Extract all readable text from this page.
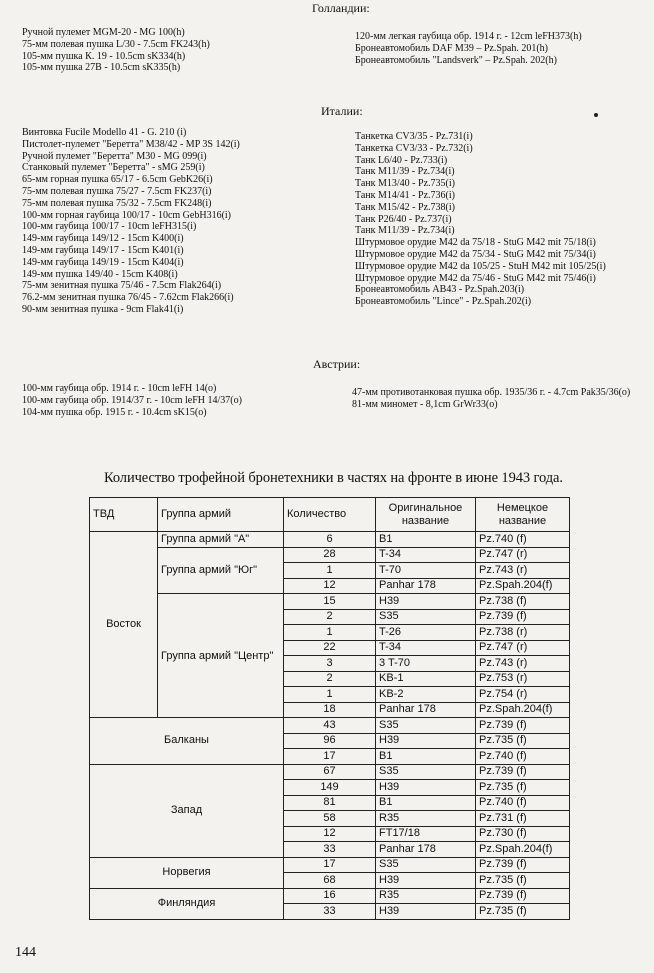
Голландии:
Италии:
Австрии:
Ручной пулемет MGM-20 - MG 100(h)
75-мм полевая пушка L/30 - 7.5cm FK243(h)
105-мм пушка К. 19 - 10.5cm sK334(h)
105-мм пушка 27В - 10.5cm sK335(h)
120-мм легкая гаубица обр. 1914 г. - 12cm leFH373(h)
Бронеавтомобиль DAF M39 – Pz.Spah. 201(h)
Бронеавтомобиль "Landsverk" – Pz.Spah. 202(h)
Винтовка Fucile Modello 41 - G. 210 (i)
Пистолет-пулемет "Беретта" M38/42 - MP 3S 142(i)
Ручной пулемет "Беретта" M30 - MG 099(i)
Станковый пулемет "Беретта" - sMG 259(i)
65-мм горная пушка 65/17 - 6.5cm GebK26(i)
75-мм полевая пушка 75/27 - 7.5cm FK237(i)
75-мм полевая пушка 75/32 - 7.5cm FK248(i)
100-мм горная гаубица 100/17 - 10cm GebH316(i)
100-мм гаубица 100/17 - 10cm leFH315(i)
149-мм гаубица 149/12 - 15cm K400(i)
149-мм гаубица 149/17 - 15cm K401(i)
149-мм гаубица 149/19 - 15cm K404(i)
149-мм пушка 149/40 - 15cm K408(i)
75-мм зенитная пушка 75/46 - 7.5cm Flak264(i)
76.2-мм зенитная пушка 76/45 - 7.62cm Flak266(i)
90-мм зенитная пушка - 9cm Flak41(i)
Танкетка CV3/35 - Pz.731(i)
Танкетка CV3/33 - Pz.732(i)
Танк L6/40 - Pz.733(i)
Танк M11/39 - Pz.734(i)
Танк M13/40 - Pz.735(i)
Танк M14/41 - Pz.736(i)
Танк M15/42 - Pz.738(i)
Танк P26/40 - Pz.737(i)
Танк M11/39 - Pz.734(i)
Штурмовое орудие M42 da 75/18 - StuG M42 mit 75/18(i)
Штурмовое орудие M42 da 75/34 - StuG M42 mit 75/34(i)
Штурмовое орудие M42 da 105/25 - StuH M42 mit 105/25(i)
Штурмовое орудие M42 da 75/46 - StuG M42 mit 75/46(i)
Бронеавтомобиль AB43 - Pz.Spah.203(i)
Бронеавтомобиль "Lince" - Pz.Spah.202(i)
100-мм гаубица обр. 1914 г. - 10cm leFH 14(o)
100-мм гаубица обр. 1914/37 г. - 10cm leFH 14/37(o)
104-мм пушка обр. 1915 г. - 10.4cm sK15(o)
47-мм противотанковая пушка обр. 1935/36 г. - 4.7cm Pak35/36(o)
81-мм миномет - 8,1cm GrWr33(o)
Количество трофейной бронетехники в частях на фронте в июне 1943 года.
ТВД	Группа армий	Количество	Оригинальное название	Немецкое название
Восток	Группа армий "А"	6	B1	Pz.740 (f)
	Группа армий "Юг"	28	T-34	Pz.747 (r)
		1	T-70	Pz.743 (r)
		12	Panhar 178	Pz.Spah.204(f)
	Группа армий "Центр"	15	H39	Pz.738 (f)
		2	S35	Pz.739 (f)
		1	T-26	Pz.738 (r)
		22	T-34	Pz.747 (r)
		3	3 T-70	Pz.743 (r)
		2	KB-1	Pz.753 (r)
		1	KB-2	Pz.754 (r)
		18	Panhar 178	Pz.Spah.204(f)
Балканы		43	S35	Pz.739 (f)
		96	H39	Pz.735 (f)
		17	B1	Pz.740 (f)
Запад		67	S35	Pz.739 (f)
		149	H39	Pz.735 (f)
		81	B1	Pz.740 (f)
		58	R35	Pz.731 (f)
		12	FT17/18	Pz.730 (f)
		33	Panhar 178	Pz.Spah.204(f)
Норвегия		17	S35	Pz.739 (f)
		68	H39	Pz.735 (f)
Финляндия		16	R35	Pz.739 (f)
		33	H39	Pz.735 (f)
144
